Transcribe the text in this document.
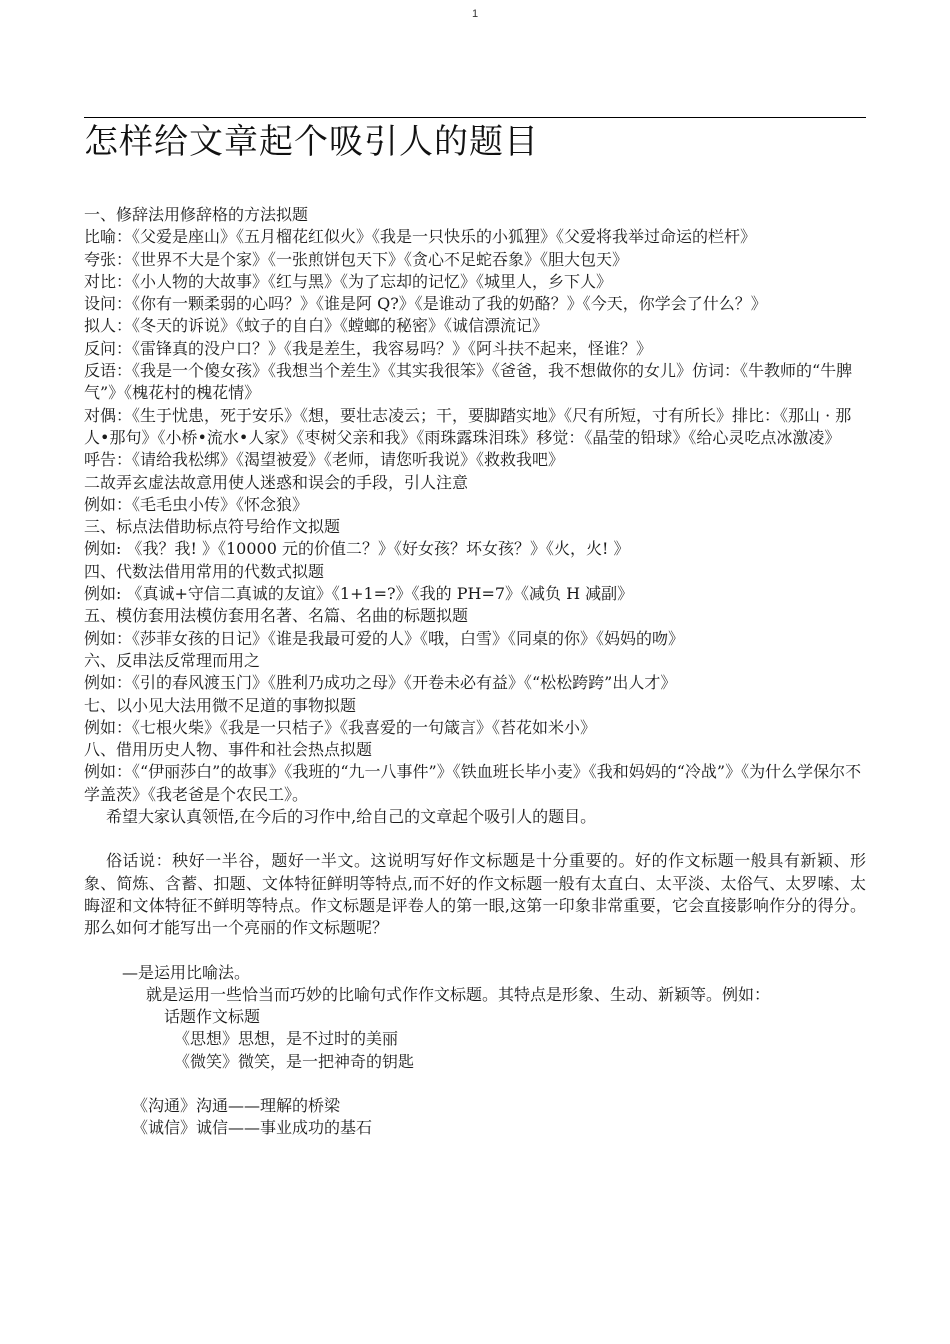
1
怎样给文章起个吸引人的题目

一、修辞法用修辞格的方法拟题

比喻：《父爱是座山》《五月榴花红似火》《我是一只快乐的小狐狸》《父爱将我举过命运的栏杆》

夸张：《世界不大是个家》《一张煎饼包天下》《贪心不足蛇吞象》《胆大包天》

对比：《小人物的大故事》《红与黑》《为了忘却的记忆》《城里人，乡下人》

设问：《你有一颗柔弱的心吗？》《谁是阿 Q?》《是谁动了我的奶酪？》《今天，你学会了什么？》

拟人：《冬天的诉说》《蚊子的自白》《螳螂的秘密》《诚信漂流记》

反问：《雷锋真的没户口？》《我是差生，我容易吗？》《阿斗扶不起来，怪谁？》

反语：《我是一个傻女孩》《我想当个差生》《其实我很笨》《爸爸，我不想做你的女儿》仿词：《牛教师的“牛脾气”》《槐花村的槐花情》

对偶：《生于忧患，死于安乐》《想，要壮志凌云；干，要脚踏实地》《尺有所短，寸有所长》排比：《那山 · 那人•那句》《小桥•流水•人家》《枣树父亲和我》《雨珠露珠泪珠》移觉：《晶莹的铅球》《给心灵吃点冰激凌》

呼告：《请给我松绑》《渴望被爱》《老师，请您听我说》《救救我吧》

二故弄玄虚法故意用使人迷惑和误会的手段，引人注意

例如：《毛毛虫小传》《怀念狼》

三、标点法借助标点符号给作文拟题

例如: 《我？我! 》《10000 元的价值二？》《好女孩？坏女孩？》《火，火! 》

四、代数法借用常用的代数式拟题

例如: 《真诚+守信二真诚的友谊》《1+1=?》《我的 PH=7》《减负 H 减副》

五、模仿套用法模仿套用名著、名篇、名曲的标题拟题

例如：《莎菲女孩的日记》《谁是我最可爱的人》《哦，白雪》《同桌的你》《妈妈的吻》

六、反串法反常理而用之

例如：《引的春风渡玉门》《胜利乃成功之母》《开卷未必有益》《“松松跨跨”出人才》

七、以小见大法用微不足道的事物拟题

例如：《七根火柴》《我是一只桔子》《我喜爱的一句箴言》《苔花如米小》

八、借用历史人物、事件和社会热点拟题

例如：《“伊丽莎白”的故事》《我班的“九一八事件”》《铁血班长毕小麦》《我和妈妈的“冷战”》《为什么学保尔不学盖茨》《我老爸是个农民工》。

希望大家认真领悟,在今后的习作中,给自己的文章起个吸引人的题目。

俗话说：秧好一半谷，题好一半文。这说明写好作文标题是十分重要的。好的作文标题一般具有新颖、形象、简炼、含蓄、扣题、文体特征鲜明等特点,而不好的作文标题一般有太直白、太平淡、太俗气、太罗嗦、太晦涩和文体特征不鲜明等特点。作文标题是评卷人的第一眼,这第一印象非常重要，它会直接影响作分的得分。那么如何才能写出一个亮丽的作文标题呢？

—是运用比喻法。

就是运用一些恰当而巧妙的比喻句式作作文标题。其特点是形象、生动、新颖等。例如：

话题作文标题

《思想》思想，是不过时的美丽

《微笑》微笑，是一把神奇的钥匙

《沟通》沟通——理解的桥梁

《诚信》诚信——事业成功的基石
